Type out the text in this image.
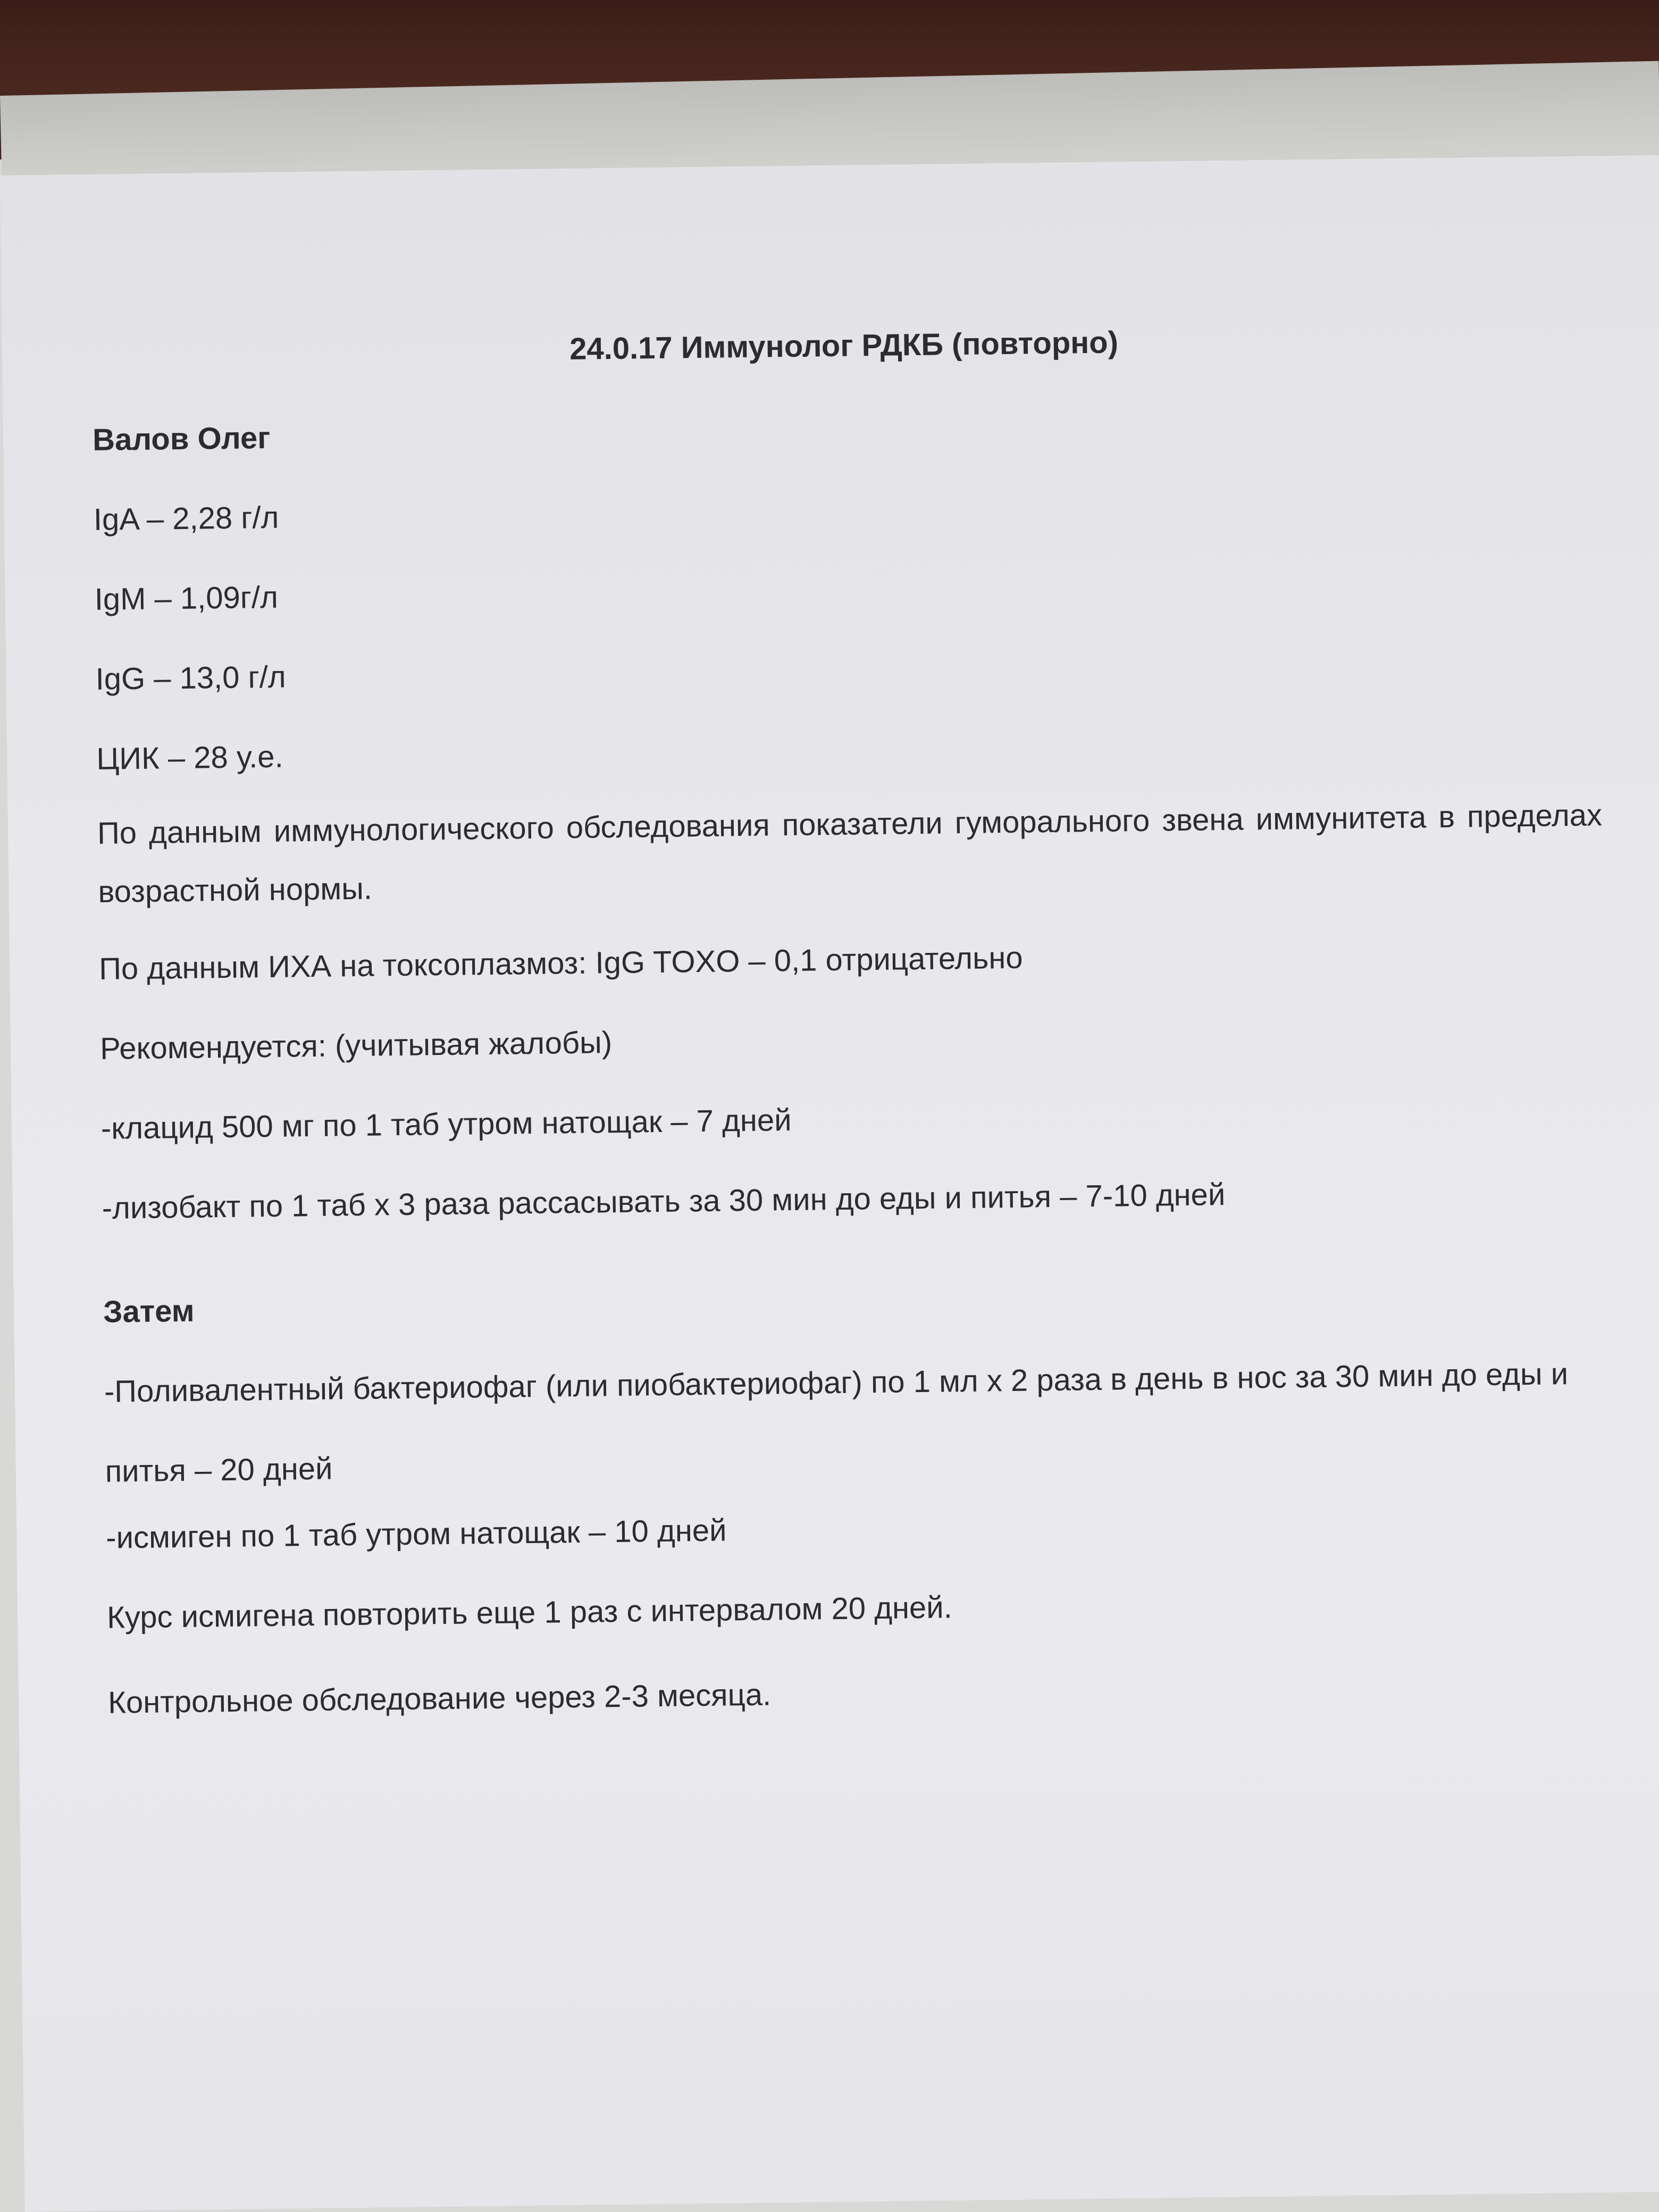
24.0.17 Иммунолог РДКБ (повторно)

Валов Олег

IgA – 2,28 г/л

IgM – 1,09г/л

IgG – 13,0 г/л

ЦИК – 28 у.е.

По данным иммунологического обследования показатели гуморального звена иммунитета в пределах возрастной нормы.

По данным ИХА на токсоплазмоз: IgG TOXO – 0,1 отрицательно

Рекомендуется: (учитывая жалобы)

-клацид 500 мг по 1 таб утром натощак – 7 дней

-лизобакт по 1 таб х 3 раза рассасывать за 30 мин до еды и питья – 7-10 дней

Затем

-Поливалентный бактериофаг (или пиобактериофаг) по 1 мл х 2 раза в день в нос за 30 мин до еды и питья – 20 дней

-исмиген по 1 таб утром натощак – 10 дней

Курс исмигена повторить еще 1 раз с интервалом 20 дней.

Контрольное обследование через 2-3 месяца.
